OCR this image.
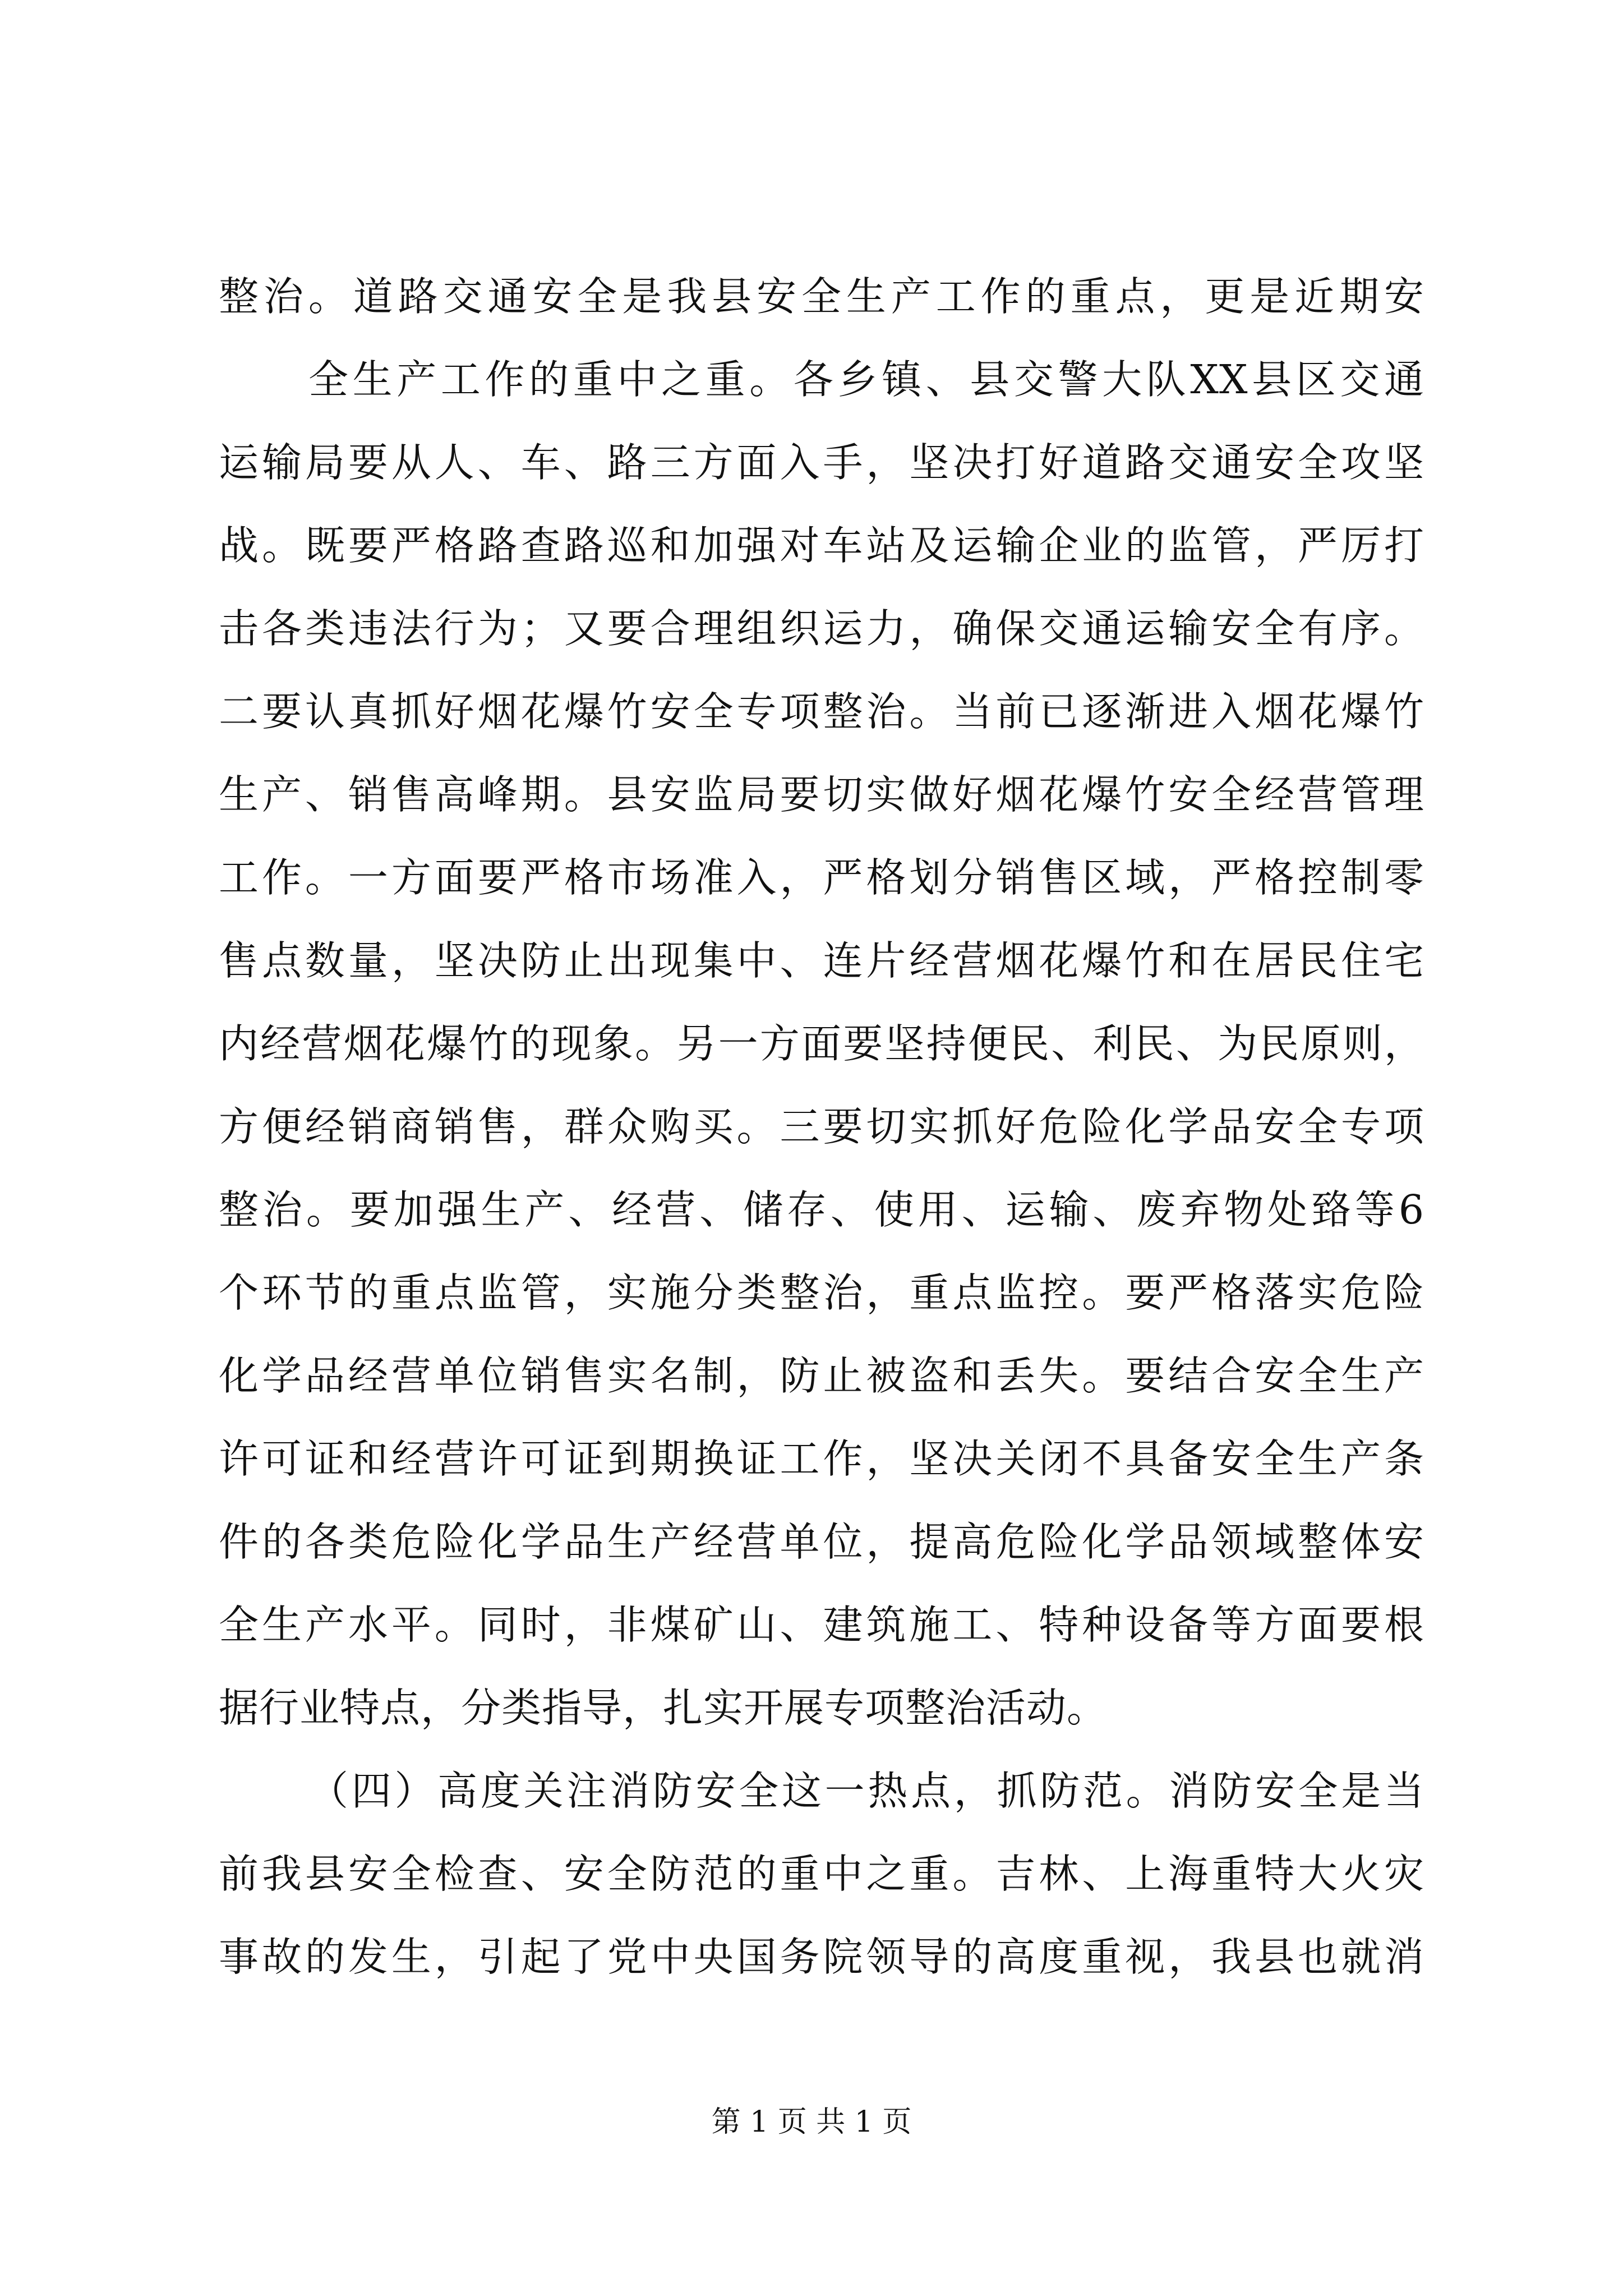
整治。道路交通安全是我县安全生产工作的重点，更是近期安
全生产工作的重中之重。各乡镇、县交警大队XX县区交通
运输局要从人、车、路三方面入手，坚决打好道路交通安全攻坚
战。既要严格路查路巡和加强对车站及运输企业的监管，严厉打
击各类违法行为；又要合理组织运力，确保交通运输安全有序。
二要认真抓好烟花爆竹安全专项整治。当前已逐渐进入烟花爆竹
生产、销售高峰期。县安监局要切实做好烟花爆竹安全经营管理
工作。一方面要严格市场准入，严格划分销售区域，严格控制零
售点数量，坚决防止出现集中、连片经营烟花爆竹和在居民住宅
内经营烟花爆竹的现象。另一方面要坚持便民、利民、为民原则，
方便经销商销售，群众购买。三要切实抓好危险化学品安全专项
整治。要加强生产、经营、储存、使用、运输、废弃物处臵等6
个环节的重点监管，实施分类整治，重点监控。要严格落实危险
化学品经营单位销售实名制，防止被盗和丢失。要结合安全生产
许可证和经营许可证到期换证工作，坚决关闭不具备安全生产条
件的各类危险化学品生产经营单位，提高危险化学品领域整体安
全生产水平。同时，非煤矿山、建筑施工、特种设备等方面要根
据行业特点，分类指导，扎实开展专项整治活动。
（四）高度关注消防安全这一热点，抓防范。消防安全是当
前我县安全检查、安全防范的重中之重。吉林、上海重特大火灾
事故的发生，引起了党中央国务院领导的高度重视，我县也就消
第 1 页 共 1 页
